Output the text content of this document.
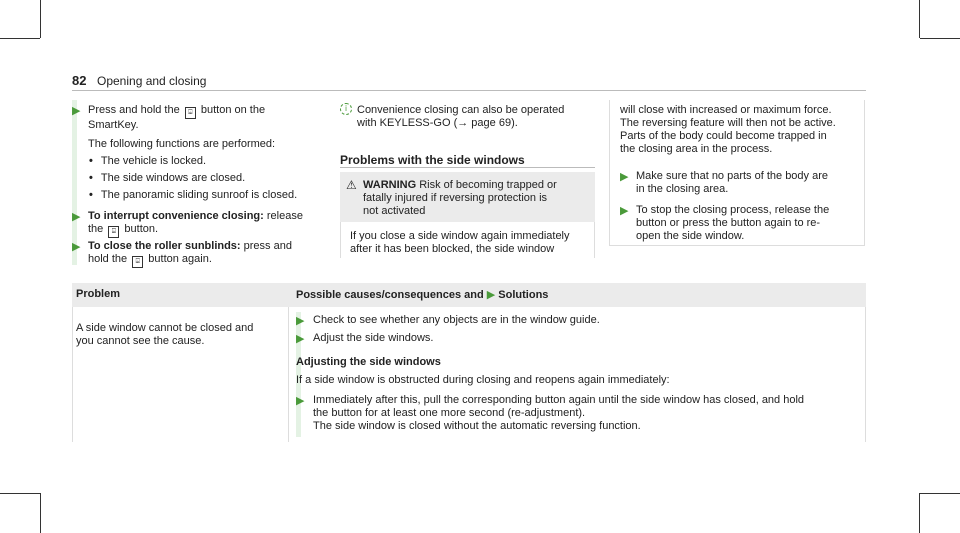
82 Opening and closing
▶
Press and hold the ⌹ button on the
SmartKey.
The following functions are performed:
• The vehicle is locked.
• The side windows are closed.
• The panoramic sliding sunroof is closed.
▶
To interrupt convenience closing: release
the ⌹ button.
▶
To close the roller sunblinds: press and
hold the ⌹ button again.
i Convenience closing can also be operated
with KEYLESS-GO (→ page 69).
Problems with the side windows
⚠ WARNING Risk of becoming trapped or
fatally injured if reversing protection is
not activated
If you close a side window again immediately
after it has been blocked, the side window
will close with increased or maximum force.
The reversing feature will then not be active.
Parts of the body could become trapped in
the closing area in the process.
▶
Make sure that no parts of the body are
in the closing area.
▶
To stop the closing process, release the
button or press the button again to re-
open the side window.
Problem	Possible causes/consequences and ▶ Solutions
A side window cannot be closed and
you cannot see the cause.
▶
Check to see whether any objects are in the window guide.
▶
Adjust the side windows.
Adjusting the side windows
If a side window is obstructed during closing and reopens again immediately:
▶
Immediately after this, pull the corresponding button again until the side window has closed, and hold
the button for at least one more second (re-adjustment).
The side window is closed without the automatic reversing function.
